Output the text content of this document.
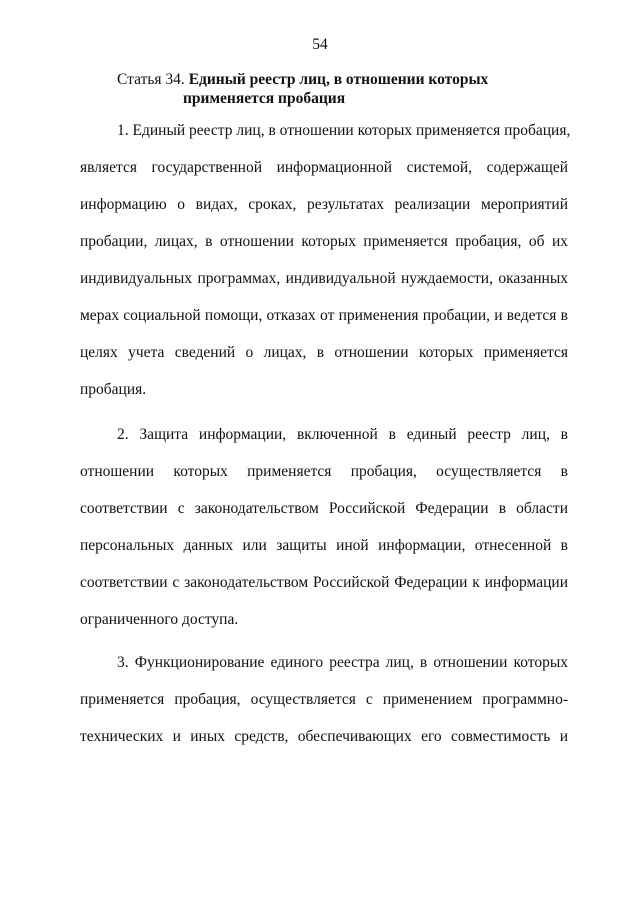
54
Статья 34. Единый реестр лиц, в отношении которых
применяется пробация
1. Единый реестр лиц, в отношении которых применяется пробация,
является государственной информационной системой, содержащей
информацию о видах, сроках, результатах реализации мероприятий
пробации, лицах, в отношении которых применяется пробация, об их
индивидуальных программах, индивидуальной нуждаемости, оказанных
мерах социальной помощи, отказах от применения пробации, и ведется в
целях учета сведений о лицах, в отношении которых применяется
пробация.
2. Защита информации, включенной в единый реестр лиц, в
отношении которых применяется пробация, осуществляется в
соответствии с законодательством Российской Федерации в области
персональных данных или защиты иной информации, отнесенной в
соответствии с законодательством Российской Федерации к информации
ограниченного доступа.
3. Функционирование единого реестра лиц, в отношении которых
применяется пробация, осуществляется с применением программно-
технических и иных средств, обеспечивающих его совместимость и
